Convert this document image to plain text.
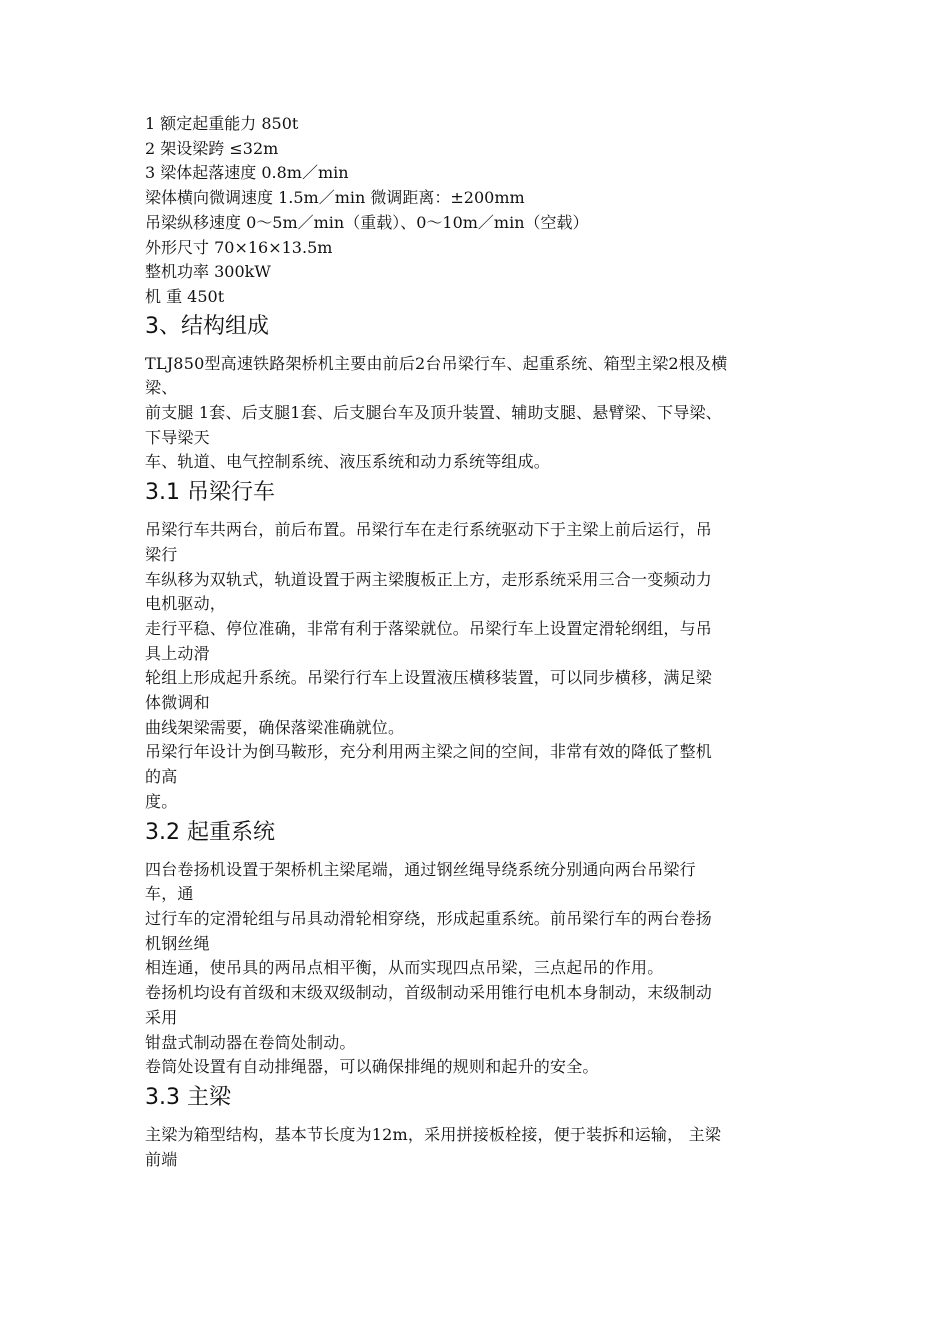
1 额定起重能力 850t
2 架设梁跨 ≤32m
3 梁体起落速度 0.8m／min
梁体横向微调速度 1.5m／min 微调距离：±200mm
吊梁纵移速度 0～5m／min（重载）、0～10m／min（空载）
外形尺寸 70×16×13.5m
整机功率 300kW
机 重 450t
3、结构组成
TLJ850型高速铁路架桥机主要由前后2台吊梁行车、起重系统、箱型主梁2根及横
梁、
前支腿 1套、后支腿1套、后支腿台车及顶升装置、辅助支腿、悬臂梁、下导梁、
下导梁天
车、轨道、电气控制系统、液压系统和动力系统等组成。
3.1 吊梁行车
吊梁行车共两台，前后布置。吊梁行车在走行系统驱动下于主梁上前后运行，吊
梁行
车纵移为双轨式，轨道设置于两主梁腹板正上方，走形系统采用三合一变频动力
电机驱动，
走行平稳、停位准确，非常有利于落梁就位。吊梁行车上设置定滑轮纲组，与吊
具上动滑
轮组上形成起升系统。吊梁行行车上设置液压横移装置，可以同步横移，满足梁
体微调和
曲线架梁需要，确保落梁准确就位。
吊梁行年设计为倒马鞍形，充分利用两主梁之间的空间，非常有效的降低了整机
的高
度。
3.2 起重系统
四台卷扬机设置于架桥机主梁尾端，通过钢丝绳导绕系统分别通向两台吊梁行
车，通
过行车的定滑轮组与吊具动滑轮相穿绕，形成起重系统。前吊梁行车的两台卷扬
机钢丝绳
相连通，使吊具的两吊点相平衡，从而实现四点吊梁，三点起吊的作用。
卷扬机均设有首级和末级双级制动，首级制动采用锥行电机本身制动，末级制动
采用
钳盘式制动器在卷筒处制动。
卷筒处设置有自动排绳器，可以确保排绳的规则和起升的安全。
3.3 主梁
主梁为箱型结构，基本节长度为12m，采用拼接板栓接，便于装拆和运输， 主梁
前端
